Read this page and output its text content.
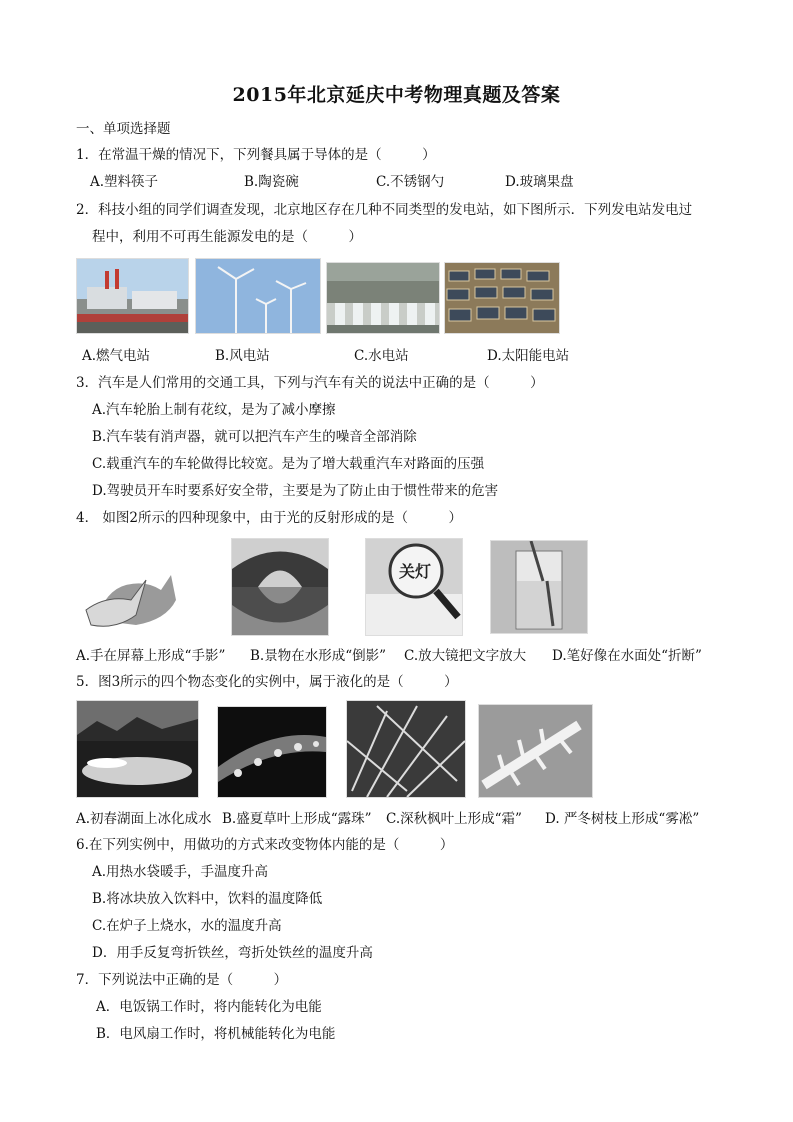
2015年北京延庆中考物理真题及答案
一、单项选择题
1．在常温干燥的情况下，下列餐具属于导体的是（　　　）
A.塑料筷子	B.陶瓷碗	C.不锈钢勺	D.玻璃果盘
2．科技小组的同学们调查发现，北京地区存在几种不同类型的发电站，如下图所示．下列发电站发电过
程中，利用不可再生能源发电的是（　　　）
A.燃气电站	B.风电站	C.水电站	D.太阳能电站
3．汽车是人们常用的交通工具，下列与汽车有关的说法中正确的是（　　　）
A.汽车轮胎上制有花纹，是为了减小摩擦
B.汽车装有消声器，就可以把汽车产生的噪音全部消除
C.载重汽车的车轮做得比较宽。是为了增大载重汽车对路面的压强
D.驾驶员开车时要系好安全带，主要是为了防止由于惯性带来的危害
4． 如图2所示的四种现象中，由于光的反射形成的是（　　　）
关灯
A.手在屏幕上形成“手影” B.景物在水形成“倒影” C.放大镜把文字放大 D.笔好像在水面处“折断”
5．图3所示的四个物态变化的实例中，属于液化的是（　　　）
A.初春湖面上冰化成水 B.盛夏草叶上形成“露珠” C.深秋枫叶上形成“霜” D. 严冬树枝上形成“雾凇”
6.在下列实例中，用做功的方式来改变物体内能的是（　　　）
A.用热水袋暖手，手温度升高
B.将冰块放入饮料中，饮料的温度降低
C.在炉子上烧水，水的温度升高
D．用手反复弯折铁丝，弯折处铁丝的温度升高
7．下列说法中正确的是（　　　）
A．电饭锅工作时，将内能转化为电能
B．电风扇工作时，将机械能转化为电能
